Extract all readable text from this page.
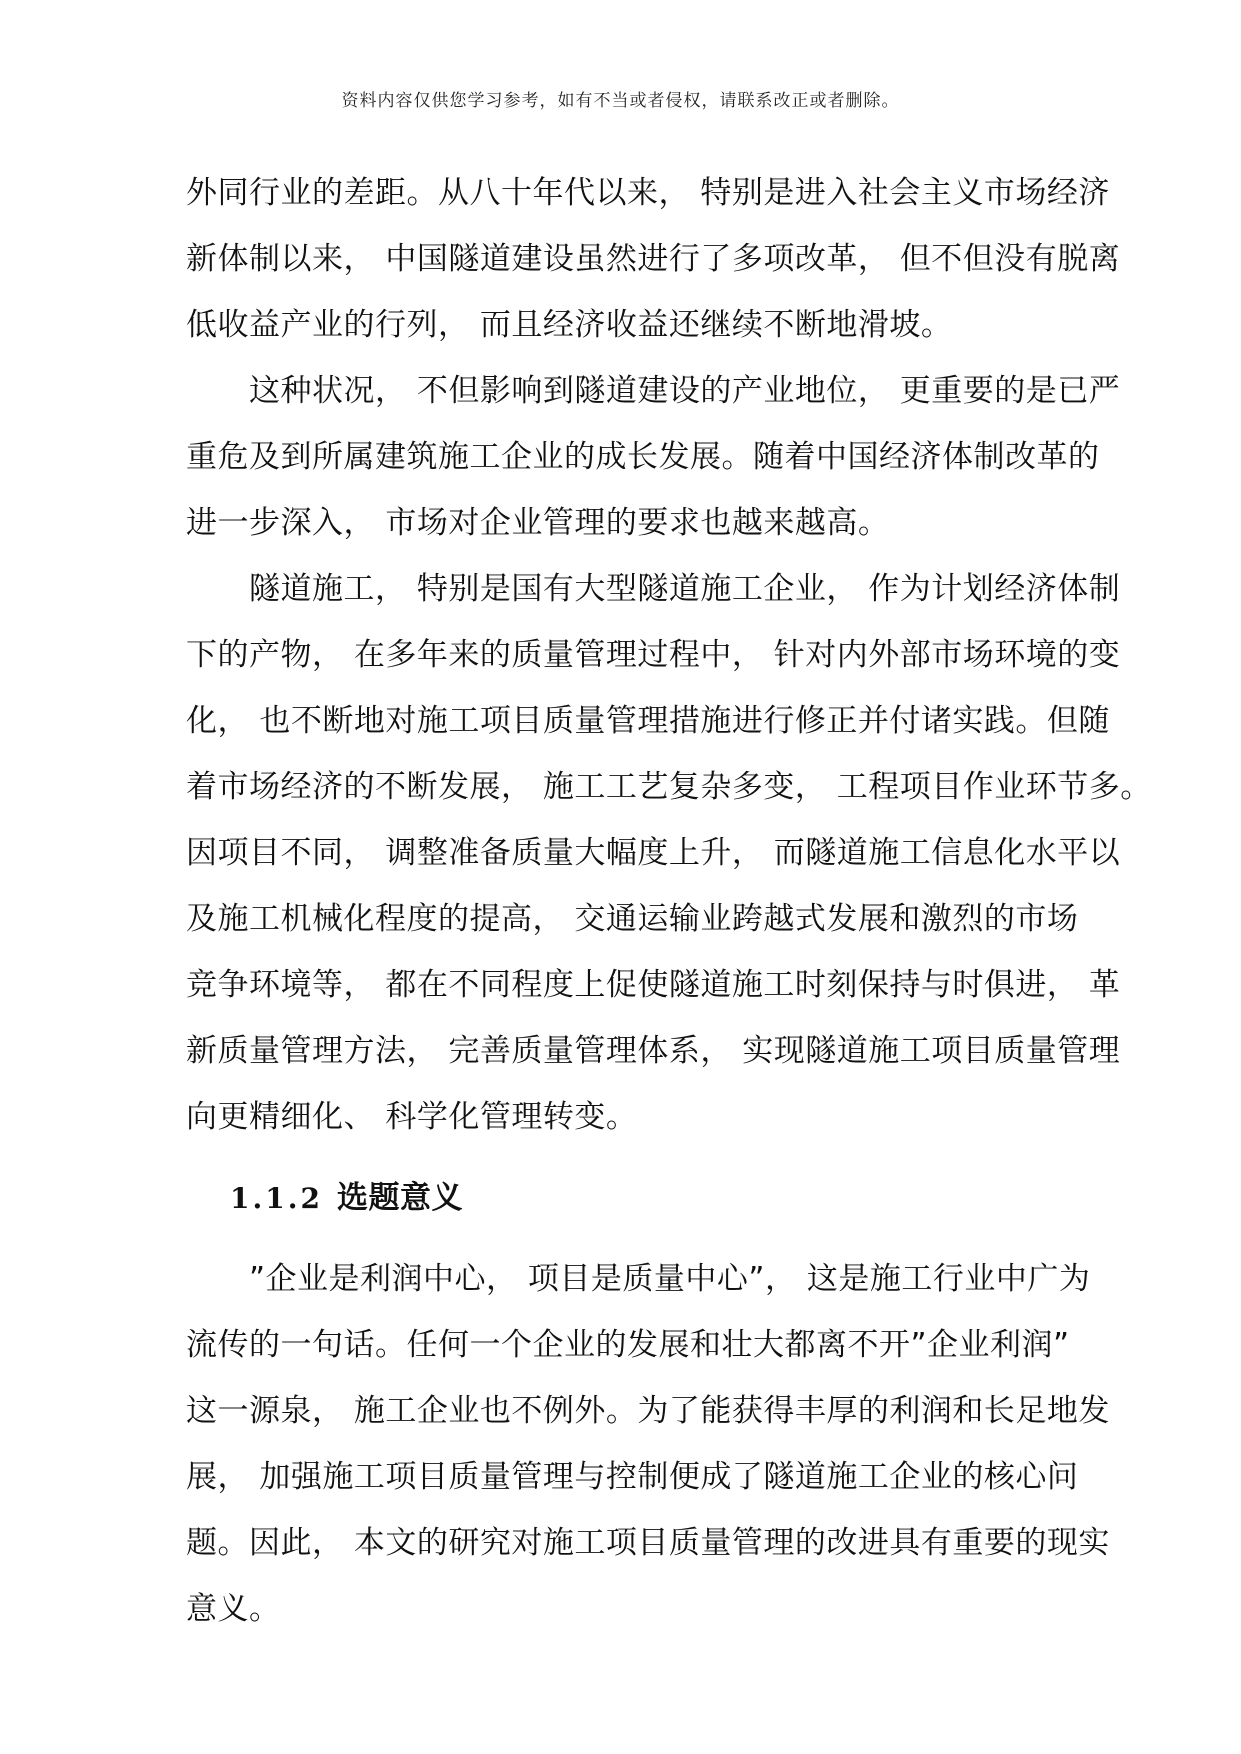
资料内容仅供您学习参考，如有不当或者侵权，请联系改正或者删除。
外同行业的差距。从八十年代以来， 特别是进入社会主义市场经济
新体制以来， 中国隧道建设虽然进行了多项改革， 但不但没有脱离
低收益产业的行列， 而且经济收益还继续不断地滑坡。
　　这种状况， 不但影响到隧道建设的产业地位， 更重要的是已严
重危及到所属建筑施工企业的成长发展。随着中国经济体制改革的
进一步深入， 市场对企业管理的要求也越来越高。
　　隧道施工， 特别是国有大型隧道施工企业， 作为计划经济体制
下的产物， 在多年来的质量管理过程中， 针对内外部市场环境的变
化， 也不断地对施工项目质量管理措施进行修正并付诸实践。但随
着市场经济的不断发展， 施工工艺复杂多变， 工程项目作业环节多。
因项目不同， 调整准备质量大幅度上升， 而隧道施工信息化水平以
及施工机械化程度的提高， 交通运输业跨越式发展和激烈的市场
竞争环境等， 都在不同程度上促使隧道施工时刻保持与时俱进， 革
新质量管理方法， 完善质量管理体系， 实现隧道施工项目质量管理
向更精细化、 科学化管理转变。
1.1.2 选题意义
　　”企业是利润中心， 项目是质量中心”， 这是施工行业中广为
流传的一句话。任何一个企业的发展和壮大都离不开”企业利润”
这一源泉， 施工企业也不例外。为了能获得丰厚的利润和长足地发
展， 加强施工项目质量管理与控制便成了隧道施工企业的核心问
题。因此， 本文的研究对施工项目质量管理的改进具有重要的现实
意义。
